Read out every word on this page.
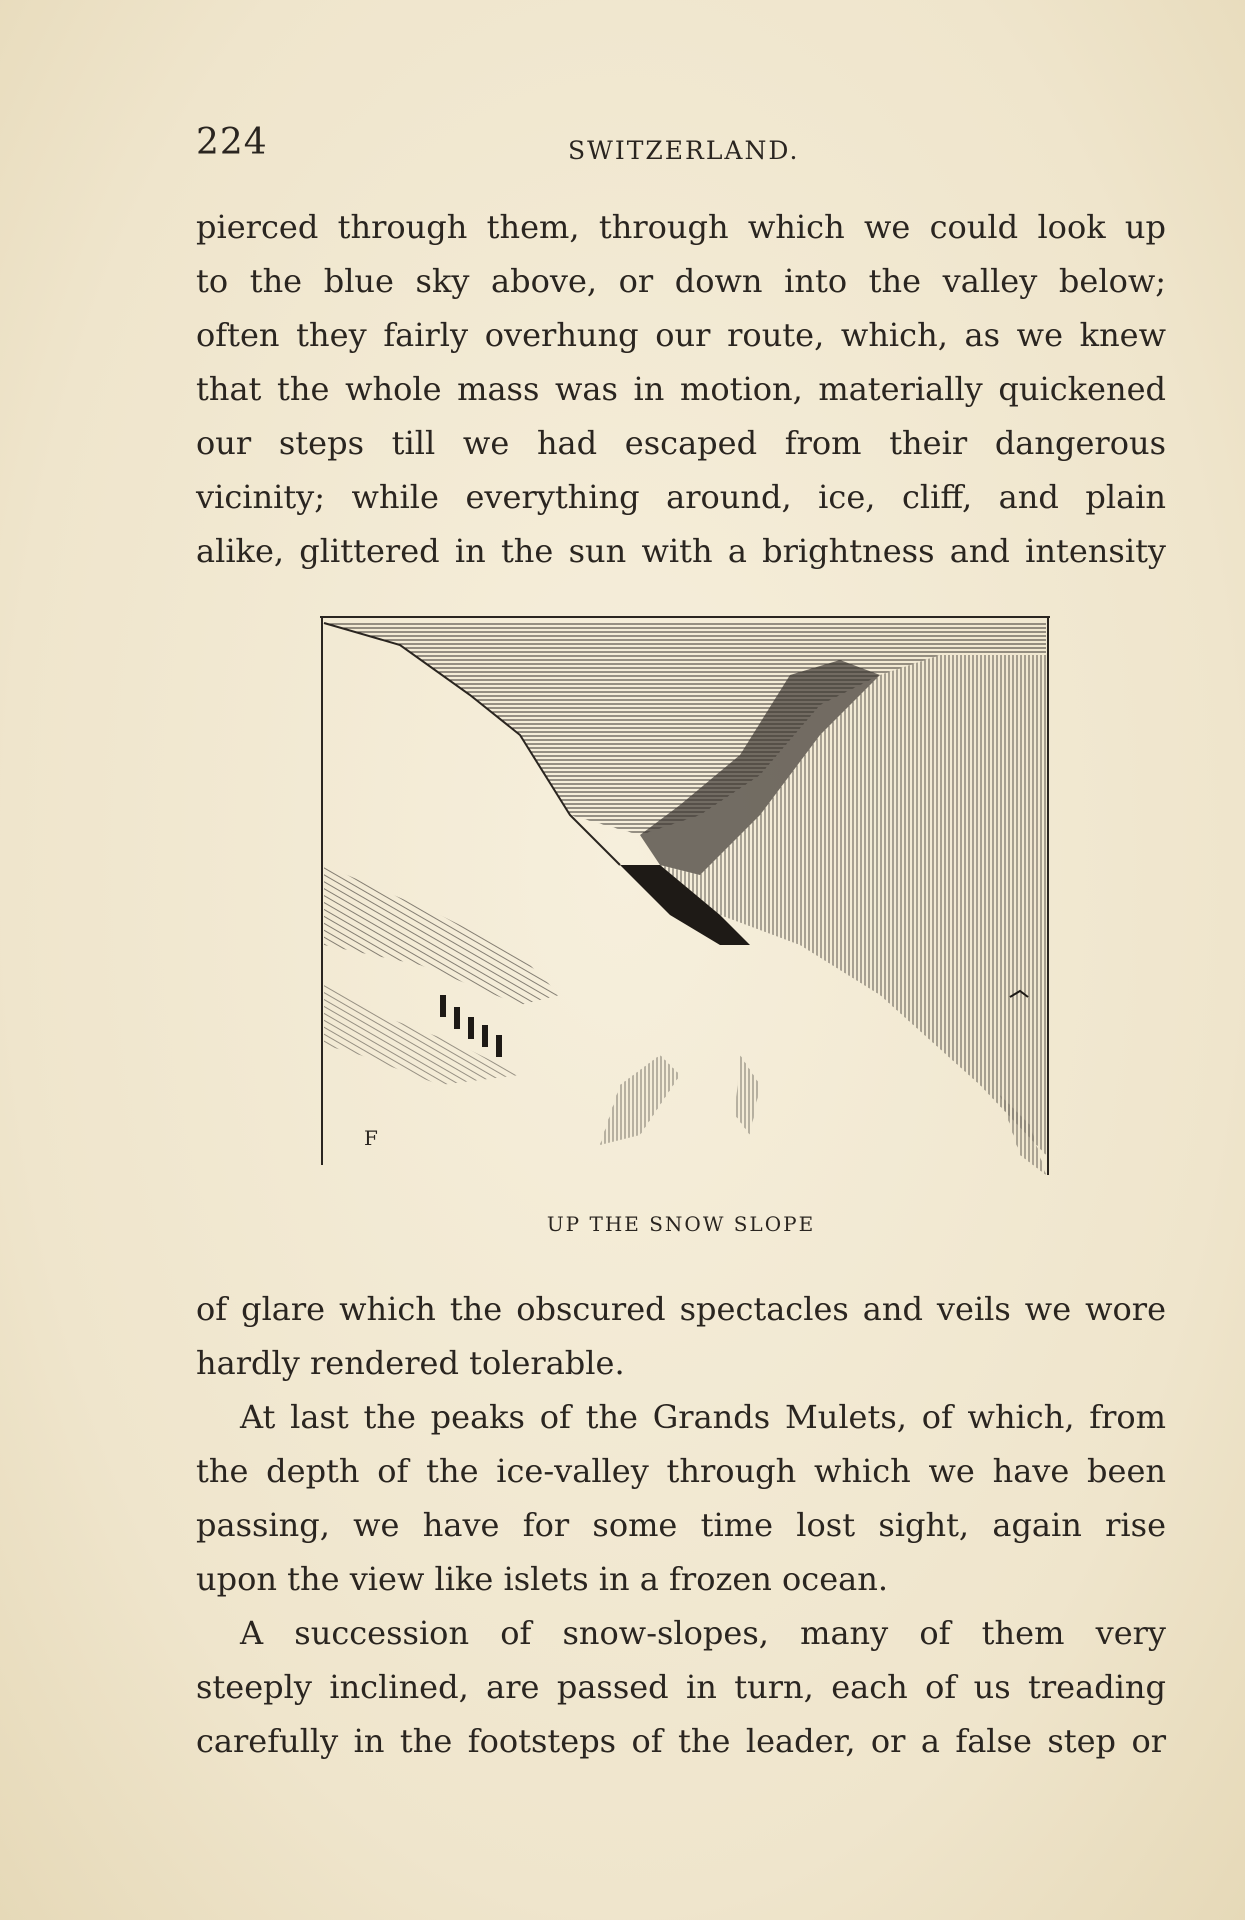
224	SWITZERLAND.
pierced through them, through which we could look up
to the blue sky above, or down into the valley below;
often they fairly overhung our route, which, as we knew
that the whole mass was in motion, materially quickened
our steps till we had escaped from their dangerous
vicinity; while everything around, ice, cliff, and plain
alike, glittered in the sun with a brightness and intensity
F
UP THE SNOW SLOPE
of glare which the obscured spectacles and veils we wore
hardly rendered tolerable.
At last the peaks of the Grands Mulets, of which, from
the depth of the ice-valley through which we have been
passing, we have for some time lost sight, again rise
upon the view like islets in a frozen ocean.
A succession of snow-slopes, many of them very
steeply inclined, are passed in turn, each of us treading
carefully in the footsteps of the leader, or a false step or
